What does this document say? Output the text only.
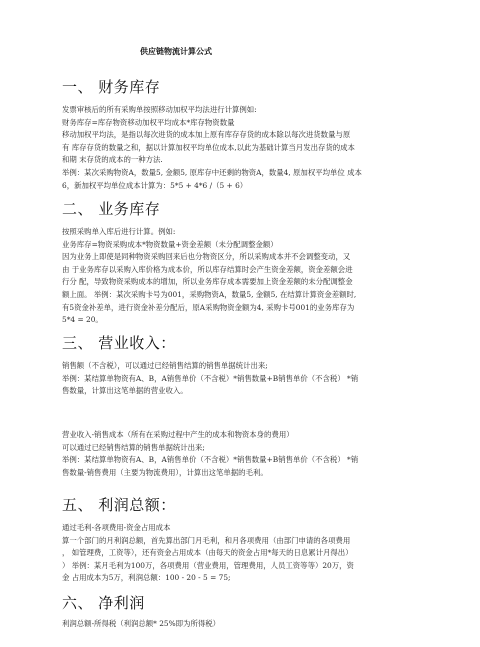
供应链物流计算公式
一、 财务库存

发票审核后的所有采购单按照移动加权平均法进行计算例如:
财务库存=库存物资移动加权平均成本*库存物资数量
移动加权平均法，是指以每次进货的成本加上原有库存存货的成本除以每次进货数量与原
有 库存存货的数量之和，据以计算加权平均单位成本,以此为基础计算当月发出存货的成本
和期 末存货的成本的一种方法.
举例：某次采购物资A，数量5, 金额5, 原库存中还剩的物资A，数量4, 原加权平均单位 成本
6，新加权平均单位成本计算为：5*5 + 4*6 /（5 + 6）

二、 业务库存

按照采购单入库后进行计算。例如:
业务库存=物资采购成本*物资数量+资金差额（未分配调整金额）
因为业务上即使是同种物资采购回来后也分物资区分，所以采购成本并不会调整变动，又
由 于业务库存以采购入库价格为成本价，所以库存结算时会产生资金差额，资金差额会进
行分 配，导致物资采购成本的增加，所以业务库存成本需要加上资金差额的未分配调整金
额上面。 举例：某次采购卡号为001，采购物资A，数量5, 金额5, 在结算计算资金差额时,
有5资金补差单，进行资金补差分配后，原A采购物资金额为4, 采购卡号001的业务库存为
5*4 = 20。

三、 营业收入：

销售额（不含税），可以通过已经销售结算的销售单据统计出来;
举例：某结算单物资有A、B，A销售单价（不含税）*销售数量+B销售单价（不含税） *销
售数量，计算出这笔单据的营业收入。

营业收入-销售成本（所有在采购过程中产生的成本和物资本身的费用）
可以通过已经销售结算的销售单据统计出来;
举例：某结算单物资有A、B，A销售单价（不含税）*销售数量+B销售单价（不含税） *销
售数量-销售费用（主要为物流费用），计算出这笔单据的毛利。

五、 利润总额：

通过毛利-各项费用-资金占用成本
算一个部门的月利润总额，首先算出部门月毛利，和月各项费用（由部门申请的各项费用
， 如管理费，工资等），还有资金占用成本（由每天的资金占用*每天的日息累计月得出）
） 举例：某月毛利为100万，各项费用（营业费用，管理费用，人员工资等等）20万，资
金 占用成本为5万，利润总额：100 - 20 - 5 = 75;

六、 净利润

利润总额-所得税（利润总额* 25%即为所得税）
